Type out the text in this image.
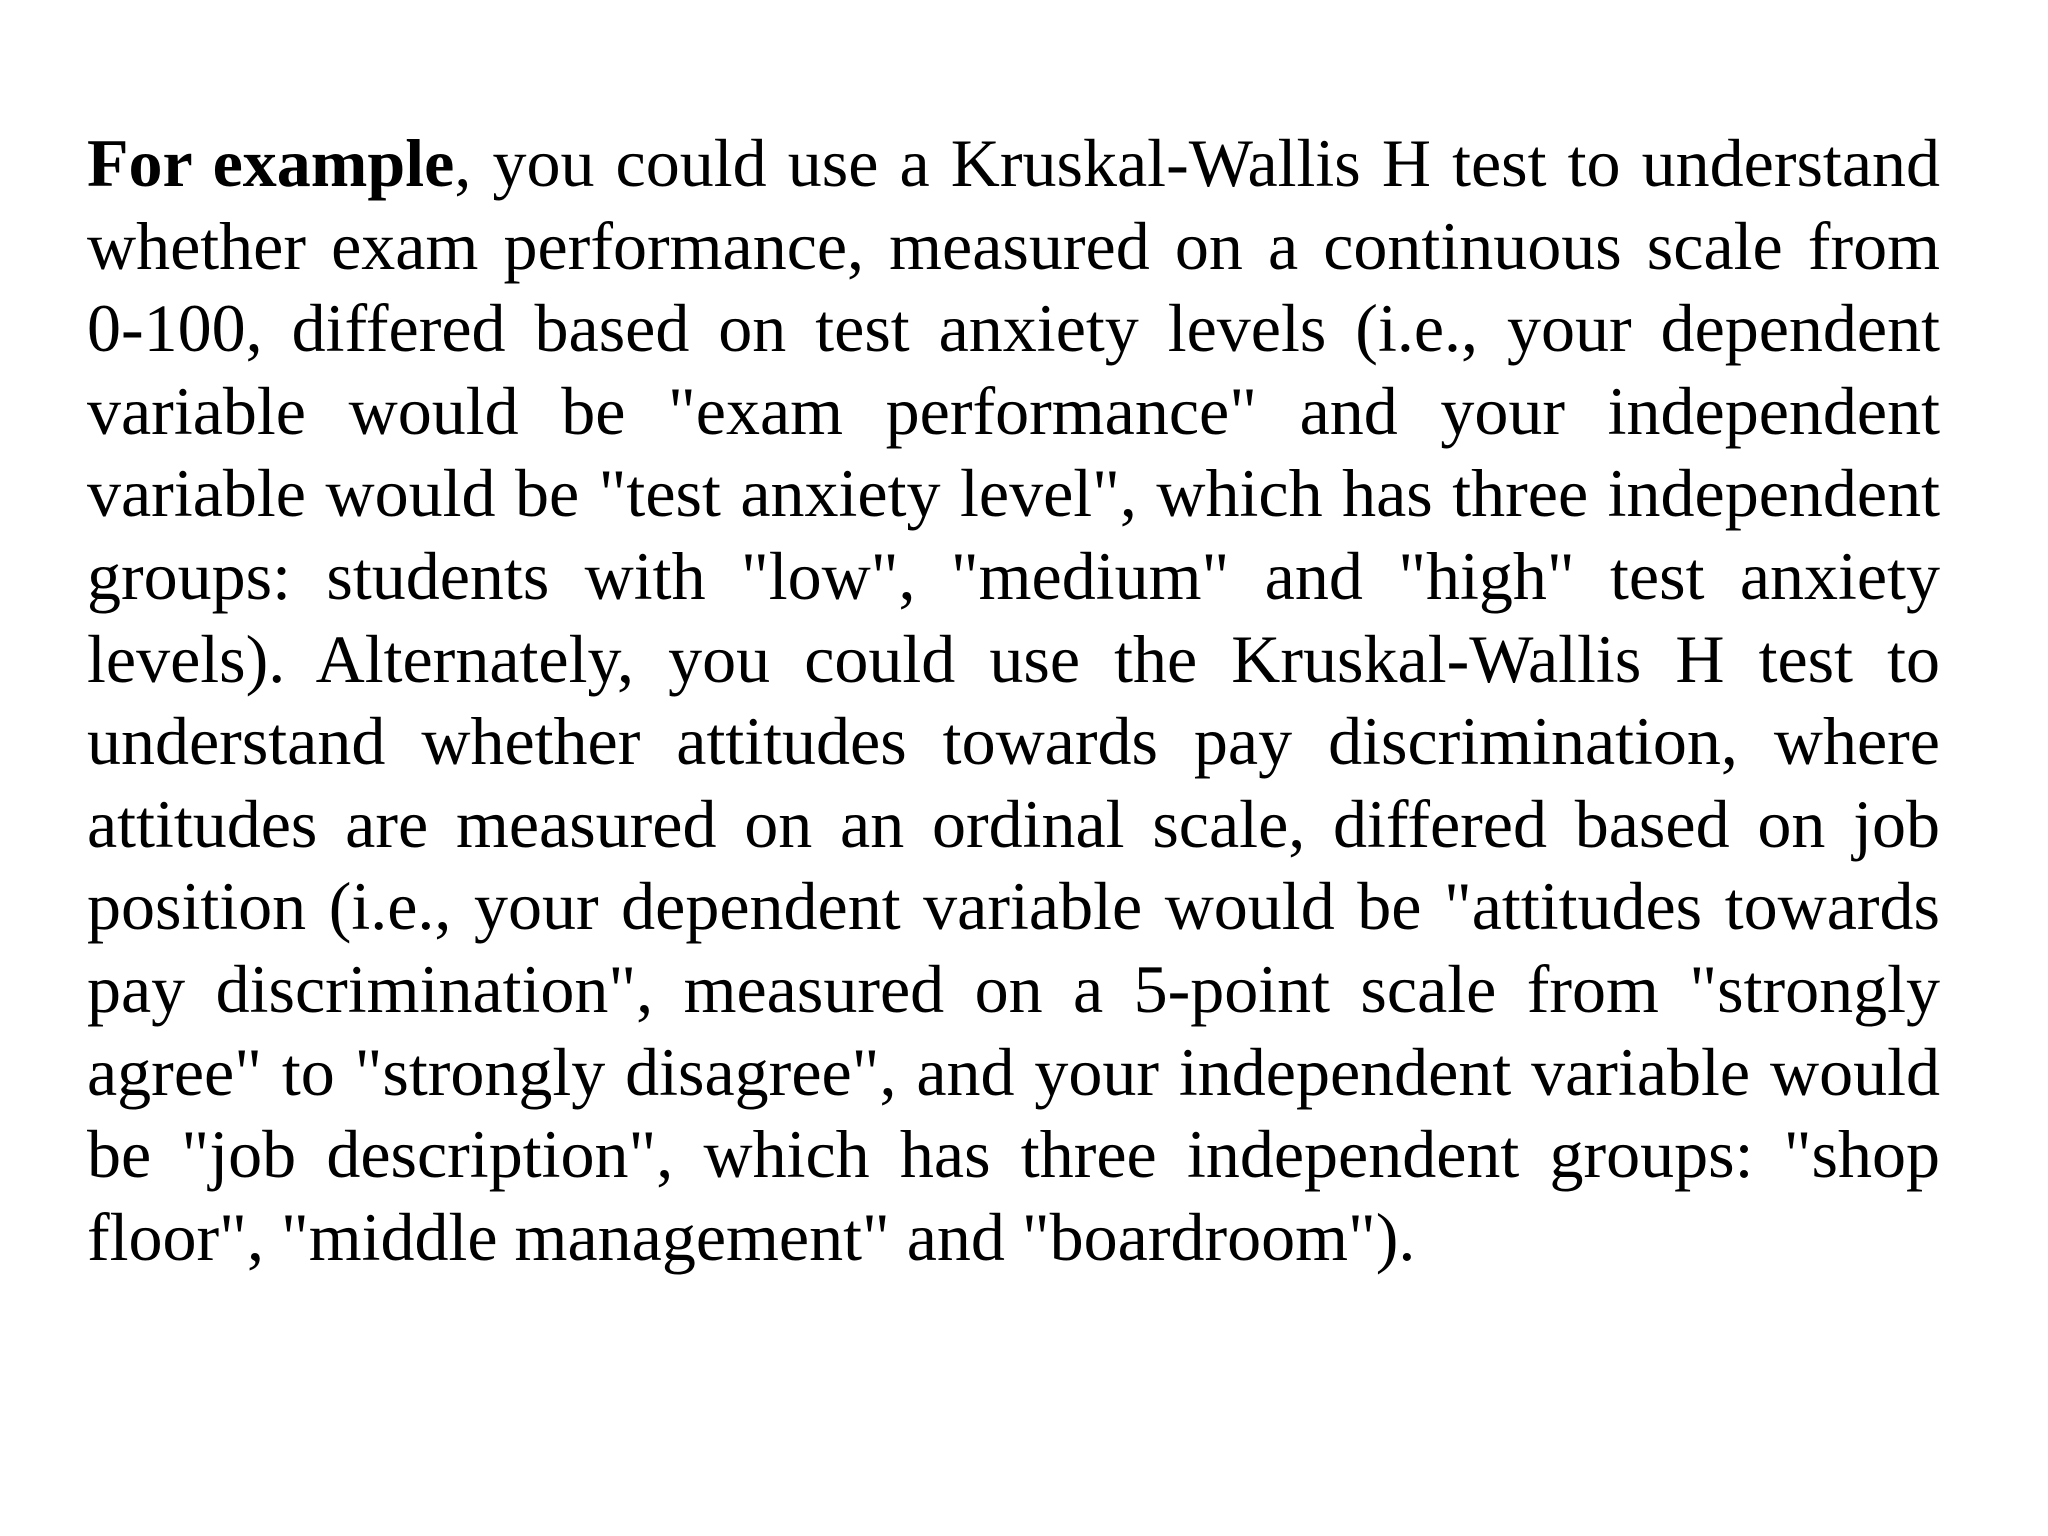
For example, you could use a Kruskal-Wallis H test to understand whether exam performance, measured on a continuous scale from 0-100, differed based on test anxiety levels (i.e., your dependent variable would be "exam performance" and your independent variable would be "test anxiety level", which has three independent groups: students with "low", "medium" and "high" test anxiety levels). Alternately, you could use the Kruskal-Wallis H test to understand whether attitudes towards pay discrimination, where attitudes are measured on an ordinal scale, differed based on job position (i.e., your dependent variable would be "attitudes towards pay discrimination", measured on a 5-point scale from "strongly agree" to "strongly disagree", and your independent variable would be "job description", which has three independent groups: "shop floor", "middle management" and "boardroom").
